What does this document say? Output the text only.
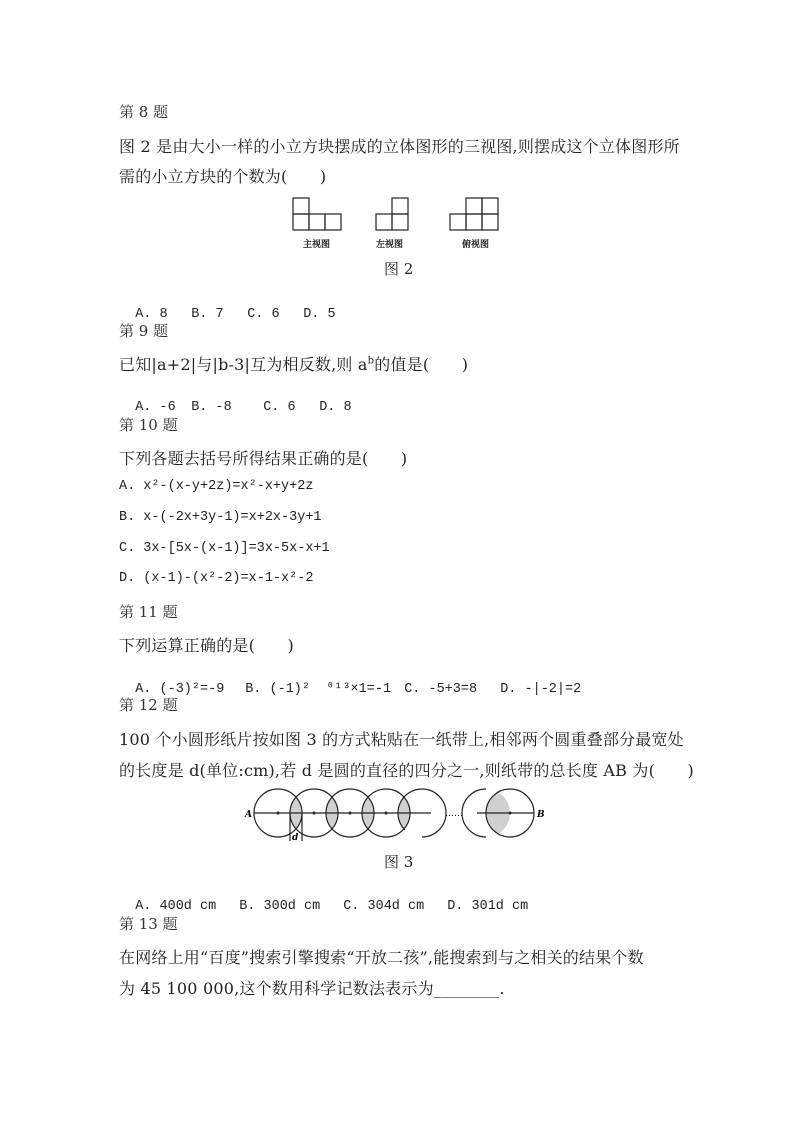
第 8 题
图 2 是由大小一样的小立方块摆成的立体图形的三视图,则摆成这个立体图形所
需的小立方块的个数为(　　)
主视图	左视图	俯视图
图 2

A. 8 B. 7 C. 6 D. 5

第 9 题
已知|a+2|与|b-3|互为相反数,则 $a^b$的值是(　　)

A. -6 B. -8 C. 6 D. 8

第 10 题
下列各题去括号所得结果正确的是(　　)
A. x²-(x-y+2z)=x²-x+y+2z
B. x-(-2x+3y-1)=x+2x-3y+1
C. 3x-[5x-(x-1)]=3x-5x-x+1
D. (x-1)-(x²-2)=x-1-x²-2
第 11 题
下列运算正确的是(　　)

A. (-3)²=-9 B. (-1)²  ⁰¹³×1=-1 C. -5+3=8 D. -|-2|=2

第 12 题
100 个小圆形纸片按如图 3 的方式粘贴在一纸带上,相邻两个圆重叠部分最宽处
的长度是 d(单位:cm),若 d 是圆的直径的四分之一,则纸带的总长度 AB 为(　　)
A	B
d
……
图 3

A. 400d cm B. 300d cm C. 304d cm D. 301d cm

第 13 题
在网络上用“百度”搜索引擎搜索“开放二孩”,能搜索到与之相关的结果个数
为 45 100 000,这个数用科学记数法表示为________.
